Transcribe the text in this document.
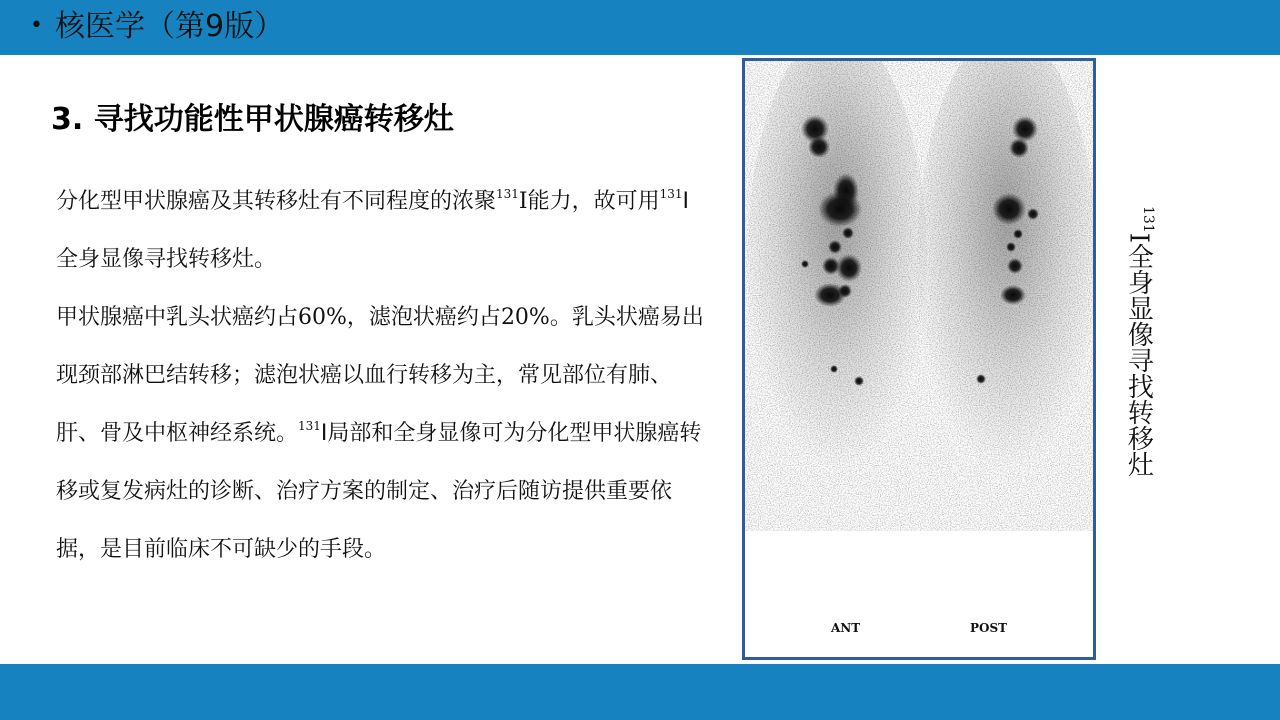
• 核医学（第9版）
3. 寻找功能性甲状腺癌转移灶

分化型甲状腺癌及其转移灶有不同程度的浓聚$^{131}$I能力，故可用$^{131}$I全身显像寻找转移灶。

甲状腺癌中乳头状癌约占60%，滤泡状癌约占20%。乳头状癌易出现颈部淋巴结转移；滤泡状癌以血行转移为主，常见部位有肺、肝、骨及中枢神经系统。$^{131}$I局部和全身显像可为分化型甲状腺癌转移或复发病灶的诊断、治疗方案的制定、治疗后随访提供重要依据，是目前临床不可缺少的手段。

ANT	POST
$^{131}$I全身显像寻找转移灶
